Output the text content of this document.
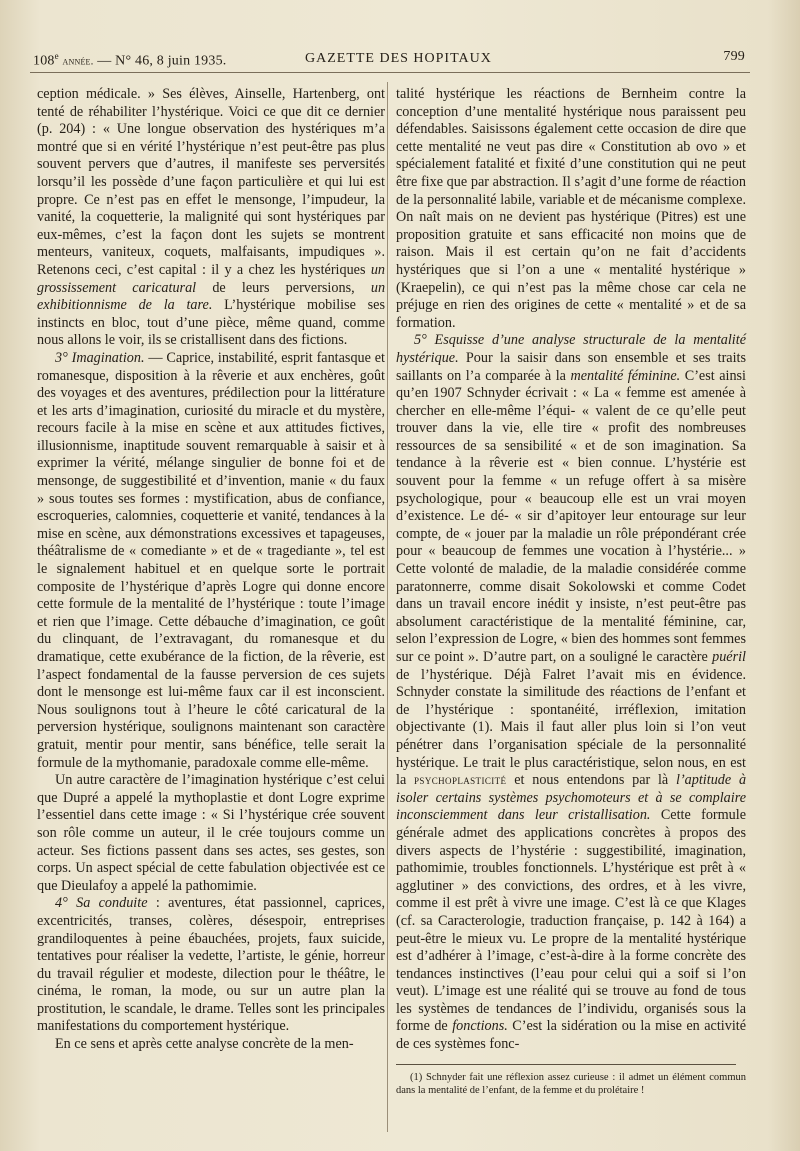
108e année. — N° 46, 8 juin 1935.	GAZETTE DES HOPITAUX	799

ception médicale. » Ses élèves, Ainselle, Hartenberg, ont tenté de réhabiliter l’hystérique. Voici ce que dit ce dernier (p. 204) : « Une longue observation des hystériques m’a montré que si en vérité l’hystérique n’est peut-être pas plus souvent pervers que d’autres, il manifeste ses perversités lorsqu’il les possède d’une façon particulière et qui lui est propre. Ce n’est pas en effet le mensonge, l’impudeur, la vanité, la coquetterie, la malignité qui sont hystériques par eux-mêmes, c’est la façon dont les sujets se montrent menteurs, vaniteux, coquets, malfaisants, impudiques ». Retenons ceci, c’est capital : il y a chez les hystériques un grossissement caricatural de leurs perversions, un exhibitionnisme de la tare. L’hystérique mobilise ses instincts en bloc, tout d’une pièce, même quand, comme nous allons le voir, ils se cristallisent dans des fictions.

3° Imagination. — Caprice, instabilité, esprit fantasque et romanesque, disposition à la rêverie et aux enchères, goût des voyages et des aventures, prédilection pour la littérature et les arts d’imagination, curiosité du miracle et du mystère, recours facile à la mise en scène et aux attitudes fictives, illusionnisme, inaptitude souvent remarquable à saisir et à exprimer la vérité, mélange singulier de bonne foi et de mensonge, de suggestibilité et d’invention, manie « du faux » sous toutes ses formes : mystification, abus de confiance, escroqueries, calomnies, coquetterie et vanité, tendances à la mise en scène, aux démonstrations excessives et tapageuses, théâtralisme de « comediante » et de « tragediante », tel est le signalement habituel et en quelque sorte le portrait composite de l’hystérique d’après Logre qui donne encore cette formule de la mentalité de l’hystérique : toute l’image et rien que l’image. Cette débauche d’imagination, ce goût du clinquant, de l’extravagant, du romanesque et du dramatique, cette exubérance de la fiction, de la rêverie, est l’aspect fondamental de la fausse perversion de ces sujets dont le mensonge est lui-même faux car il est inconscient. Nous soulignons tout à l’heure le côté caricatural de la perversion hystérique, soulignons maintenant son caractère gratuit, mentir pour mentir, sans bénéfice, telle serait la formule de la mythomanie, paradoxale comme elle-même.

Un autre caractère de l’imagination hystérique c’est celui que Dupré a appelé la mythoplastie et dont Logre exprime l’essentiel dans cette image : « Si l’hystérique crée souvent son rôle comme un auteur, il le crée toujours comme un acteur. Ses fictions passent dans ses actes, ses gestes, son corps. Un aspect spécial de cette fabulation objectivée est ce que Dieulafoy a appelé la pathomimie.

4° Sa conduite : aventures, état passionnel, caprices, excentricités, transes, colères, désespoir, entreprises grandiloquentes à peine ébauchées, projets, faux suicide, tentatives pour réaliser la vedette, l’artiste, le génie, horreur du travail régulier et modeste, dilection pour le théâtre, le cinéma, le roman, la mode, ou sur un autre plan la prostitution, le scandale, le drame. Telles sont les principales manifestations du comportement hystérique.

En ce sens et après cette analyse concrète de la men-

talité hystérique les réactions de Bernheim contre la conception d’une mentalité hystérique nous paraissent peu défendables. Saisissons également cette occasion de dire que cette mentalité ne veut pas dire « Constitution ab ovo » et spécialement fatalité et fixité d’une constitution qui ne peut être fixe que par abstraction. Il s’agit d’une forme de réaction de la personnalité labile, variable et de mécanisme complexe. On naît mais on ne devient pas hystérique (Pitres) est une proposition gratuite et sans efficacité non moins que de raison. Mais il est certain qu’on ne fait d’accidents hystériques que si l’on a une « mentalité hystérique » (Kraepelin), ce qui n’est pas la même chose car cela ne préjuge en rien des origines de cette « mentalité » et de sa formation.

5° Esquisse d’une analyse structurale de la mentalité hystérique. Pour la saisir dans son ensemble et ses traits saillants on l’a comparée à la mentalité féminine. C’est ainsi qu’en 1907 Schnyder écrivait : « La « femme est amenée à chercher en elle-même l’équi- « valent de ce qu’elle peut trouver dans la vie, elle tire « profit des nombreuses ressources de sa sensibilité « et de son imagination. Sa tendance à la rêverie est « bien connue. L’hystérie est souvent pour la femme « un refuge offert à sa misère psychologique, pour « beaucoup elle est un vrai moyen d’existence. Le dé- « sir d’apitoyer leur entourage sur leur compte, de « jouer par la maladie un rôle prépondérant crée pour « beaucoup de femmes une vocation à l’hystérie... » Cette volonté de maladie, de la maladie considérée comme paratonnerre, comme disait Sokolowski et comme Codet dans un travail encore inédit y insiste, n’est peut-être pas absolument caractéristique de la mentalité féminine, car, selon l’expression de Logre, « bien des hommes sont femmes sur ce point ». D’autre part, on a souligné le caractère puéril de l’hystérique. Déjà Falret l’avait mis en évidence. Schnyder constate la similitude des réactions de l’enfant et de l’hystérique : spontanéité, irréflexion, imitation objectivante (1). Mais il faut aller plus loin si l’on veut pénétrer dans l’organisation spéciale de la personnalité hystérique. Le trait le plus caractéristique, selon nous, en est la psychoplasticité et nous entendons par là l’aptitude à isoler certains systèmes psychomoteurs et à se complaire inconsciemment dans leur cristallisation. Cette formule générale admet des applications concrètes à propos des divers aspects de l’hystérie : suggestibilité, imagination, pathomimie, troubles fonctionnels. L’hystérique est prêt à « agglutiner » des convictions, des ordres, et à les vivre, comme il est prêt à vivre une image. C’est là ce que Klages (cf. sa Caracterologie, traduction française, p. 142 à 164) a peut-être le mieux vu. Le propre de la mentalité hystérique est d’adhérer à l’image, c’est-à-dire à la forme concrète des tendances instinctives (l’eau pour celui qui a soif si l’on veut). L’image est une réalité qui se trouve au fond de tous les systèmes de tendances de l’individu, organisés sous la forme de fonctions. C’est la sidération ou la mise en activité de ces systèmes fonc-

(1) Schnyder fait une réflexion assez curieuse : il admet un élément commun dans la mentalité de l’enfant, de la femme et du prolétaire !
